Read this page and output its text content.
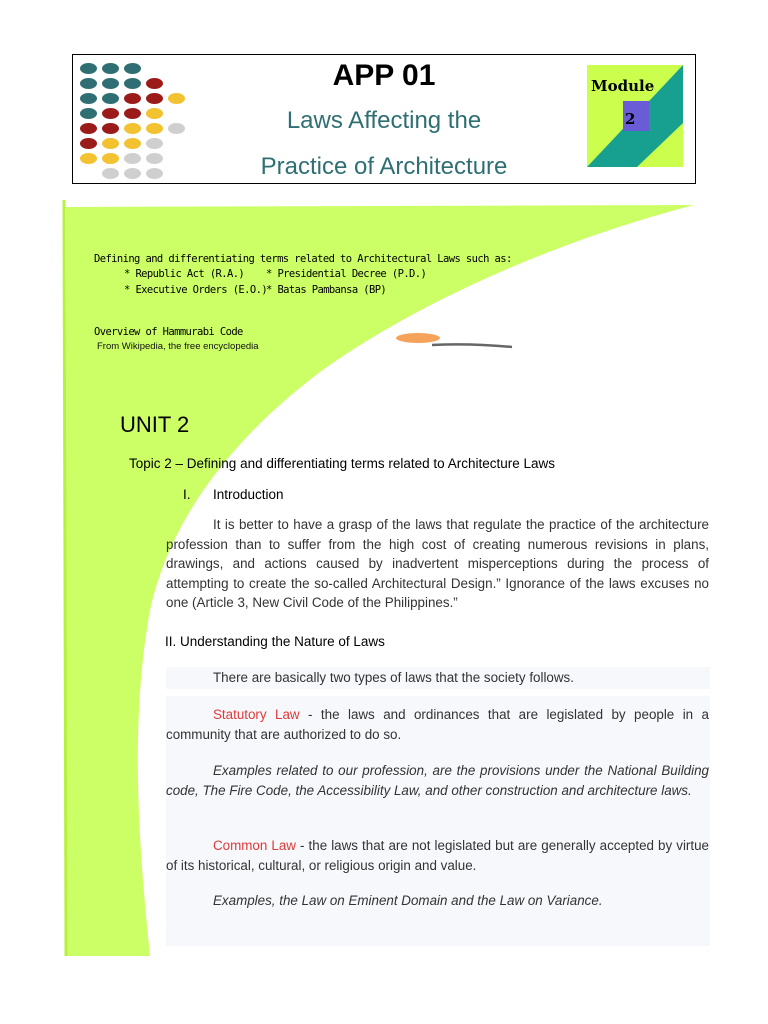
APP 01
Laws Affecting the
Practice of Architecture
Module
2
Defining and differentiating terms related to Architectural Laws such as:
* Republic Act (R.A.) * Presidential Decree (P.D.)
* Executive Orders (E.O.)
* Batas Pambansa (BP)
Overview of Hammurabi Code
From Wikipedia, the free encyclopedia
UNIT 2
Topic 2 – Defining and differentiating terms related to Architecture Laws
I. Introduction
It is better to have a grasp of the laws that regulate the practice of the architecture profession than to suffer from the high cost of creating numerous revisions in plans, drawings, and actions caused by inadvertent misperceptions during the process of attempting to create the so-called Architectural Design.” Ignorance of the laws excuses no one (Article 3, New Civil Code of the Philippines.”
II. Understanding the Nature of Laws
There are basically two types of laws that the society follows.
Statutory Law - the laws and ordinances that are legislated by people in a community that are authorized to do so.
Examples related to our profession, are the provisions under the National Building code, The Fire Code, the Accessibility Law, and other construction and architecture laws.
Common Law - the laws that are not legislated but are generally accepted by virtue of its historical, cultural, or religious origin and value.
Examples, the Law on Eminent Domain and the Law on Variance.
